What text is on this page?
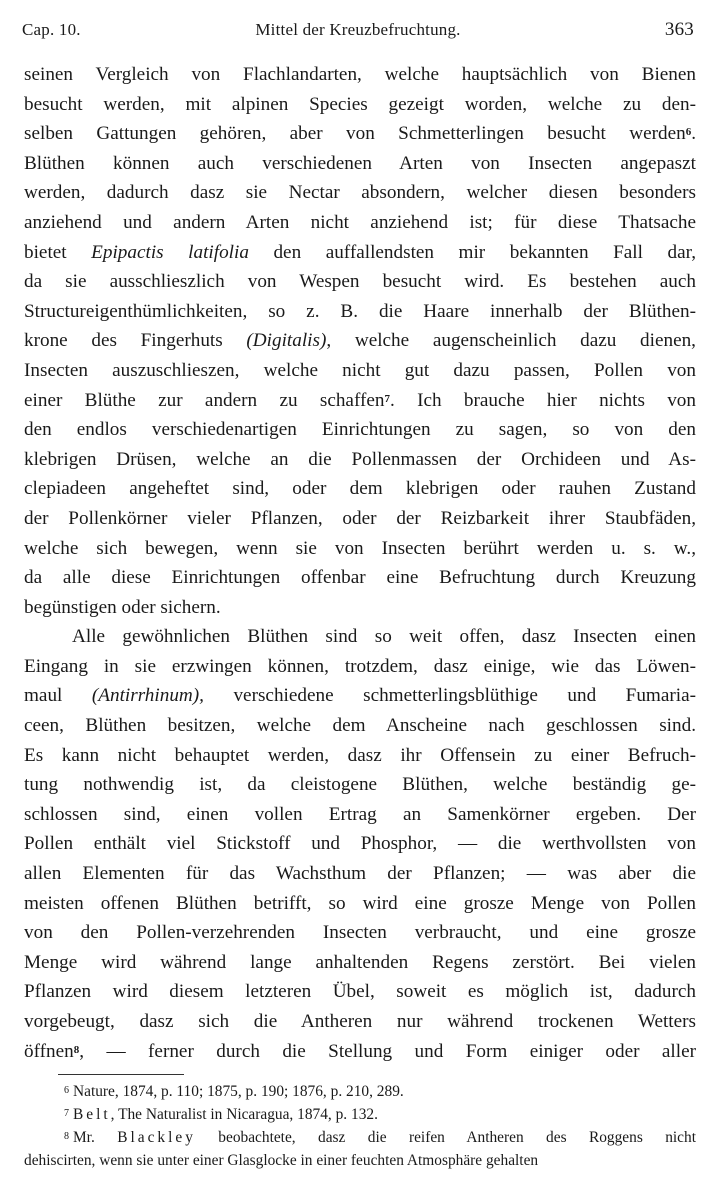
Cap. 10.	Mittel der Kreuzbefruchtung.	363
seinen Vergleich von Flachlandarten, welche hauptsächlich von Bienen
besucht werden, mit alpinen Species gezeigt worden, welche zu den-
selben Gattungen gehören, aber von Schmetterlingen besucht werden$^6$.
Blüthen können auch verschiedenen Arten von Insecten angepaszt
werden, dadurch dasz sie Nectar absondern, welcher diesen besonders
anziehend und andern Arten nicht anziehend ist; für diese Thatsache
bietet Epipactis latifolia den auffallendsten mir bekannten Fall dar,
da sie ausschlieszlich von Wespen besucht wird. Es bestehen auch
Structureigenthümlichkeiten, so z. B. die Haare innerhalb der Blüthen-
krone des Fingerhuts (Digitalis), welche augenscheinlich dazu dienen,
Insecten auszuschlieszen, welche nicht gut dazu passen, Pollen von
einer Blüthe zur andern zu schaffen$^7$. Ich brauche hier nichts von
den endlos verschiedenartigen Einrichtungen zu sagen, so von den
klebrigen Drüsen, welche an die Pollenmassen der Orchideen und As-
clepiadeen angeheftet sind, oder dem klebrigen oder rauhen Zustand
der Pollenkörner vieler Pflanzen, oder der Reizbarkeit ihrer Staubfäden,
welche sich bewegen, wenn sie von Insecten berührt werden u. s. w.,
da alle diese Einrichtungen offenbar eine Befruchtung durch Kreuzung
begünstigen oder sichern.
Alle gewöhnlichen Blüthen sind so weit offen, dasz Insecten einen
Eingang in sie erzwingen können, trotzdem, dasz einige, wie das Löwen-
maul (Antirrhinum), verschiedene schmetterlingsblüthige und Fumaria-
ceen, Blüthen besitzen, welche dem Anscheine nach geschlossen sind.
Es kann nicht behauptet werden, dasz ihr Offensein zu einer Befruch-
tung nothwendig ist, da cleistogene Blüthen, welche beständig ge-
schlossen sind, einen vollen Ertrag an Samenkörner ergeben. Der
Pollen enthält viel Stickstoff und Phosphor, — die werthvollsten von
allen Elementen für das Wachsthum der Pflanzen; — was aber die
meisten offenen Blüthen betrifft, so wird eine grosze Menge von Pollen
von den Pollen-verzehrenden Insecten verbraucht, und eine grosze
Menge wird während lange anhaltenden Regens zerstört. Bei vielen
Pflanzen wird diesem letzteren Übel, soweit es möglich ist, dadurch
vorgebeugt, dasz sich die Antheren nur während trockenen Wetters
öffnen$^8$, — ferner durch die Stellung und Form einiger oder aller
$^6$ Nature, 1874, p. 110; 1875, p. 190; 1876, p. 210, 289.
$^7$ Belt, The Naturalist in Nicaragua, 1874, p. 132.
$^8$ Mr. Blackley beobachtete, dasz die reifen Antheren des Roggens nicht
dehiscirten, wenn sie unter einer Glasglocke in einer feuchten Atmosphäre gehalten
